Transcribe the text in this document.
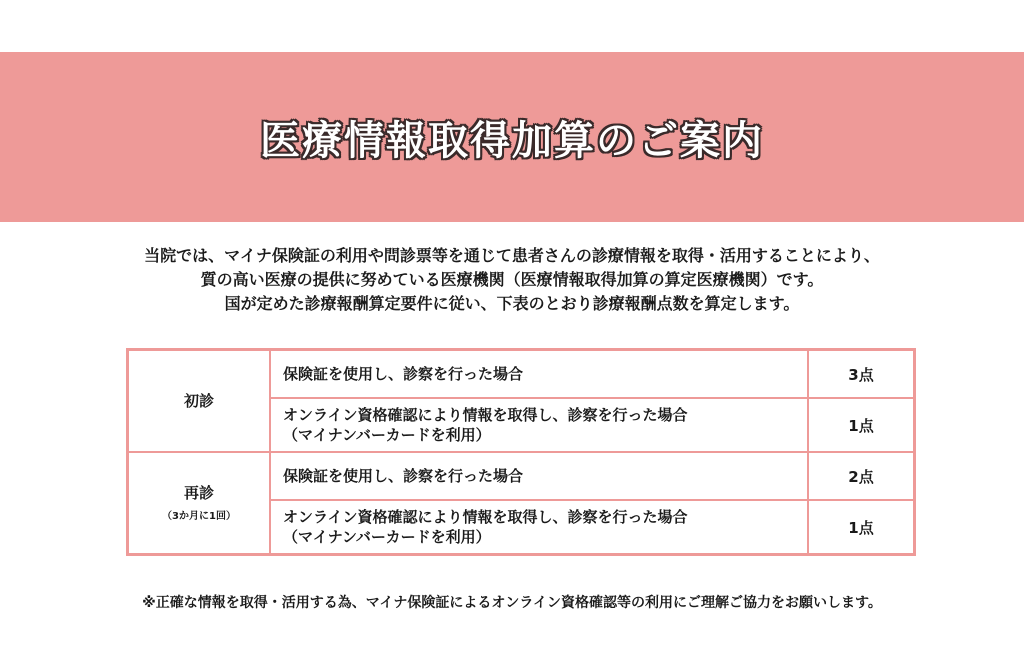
医療情報取得加算のご案内

当院では、マイナ保険証の利用や問診票等を通じて患者さんの診療情報を取得・活用することにより、

質の高い医療の提供に努めている医療機関（医療情報取得加算の算定医療機関）です。

国が定めた診療報酬算定要件に従い、下表のとおり診療報酬点数を算定します。

初診	保険証を使用し、診察を行った場合	3点

	オンライン資格確認により情報を取得し、診察を行った場合
（マイナンバーカードを利用）	1点
再診
（3か月に1回）	保険証を使用し、診察を行った場合	2点

	オンライン資格確認により情報を取得し、診察を行った場合
（マイナンバーカードを利用）	1点
※正確な情報を取得・活用する為、マイナ保険証によるオンライン資格確認等の利用にご理解ご協力をお願いします。
